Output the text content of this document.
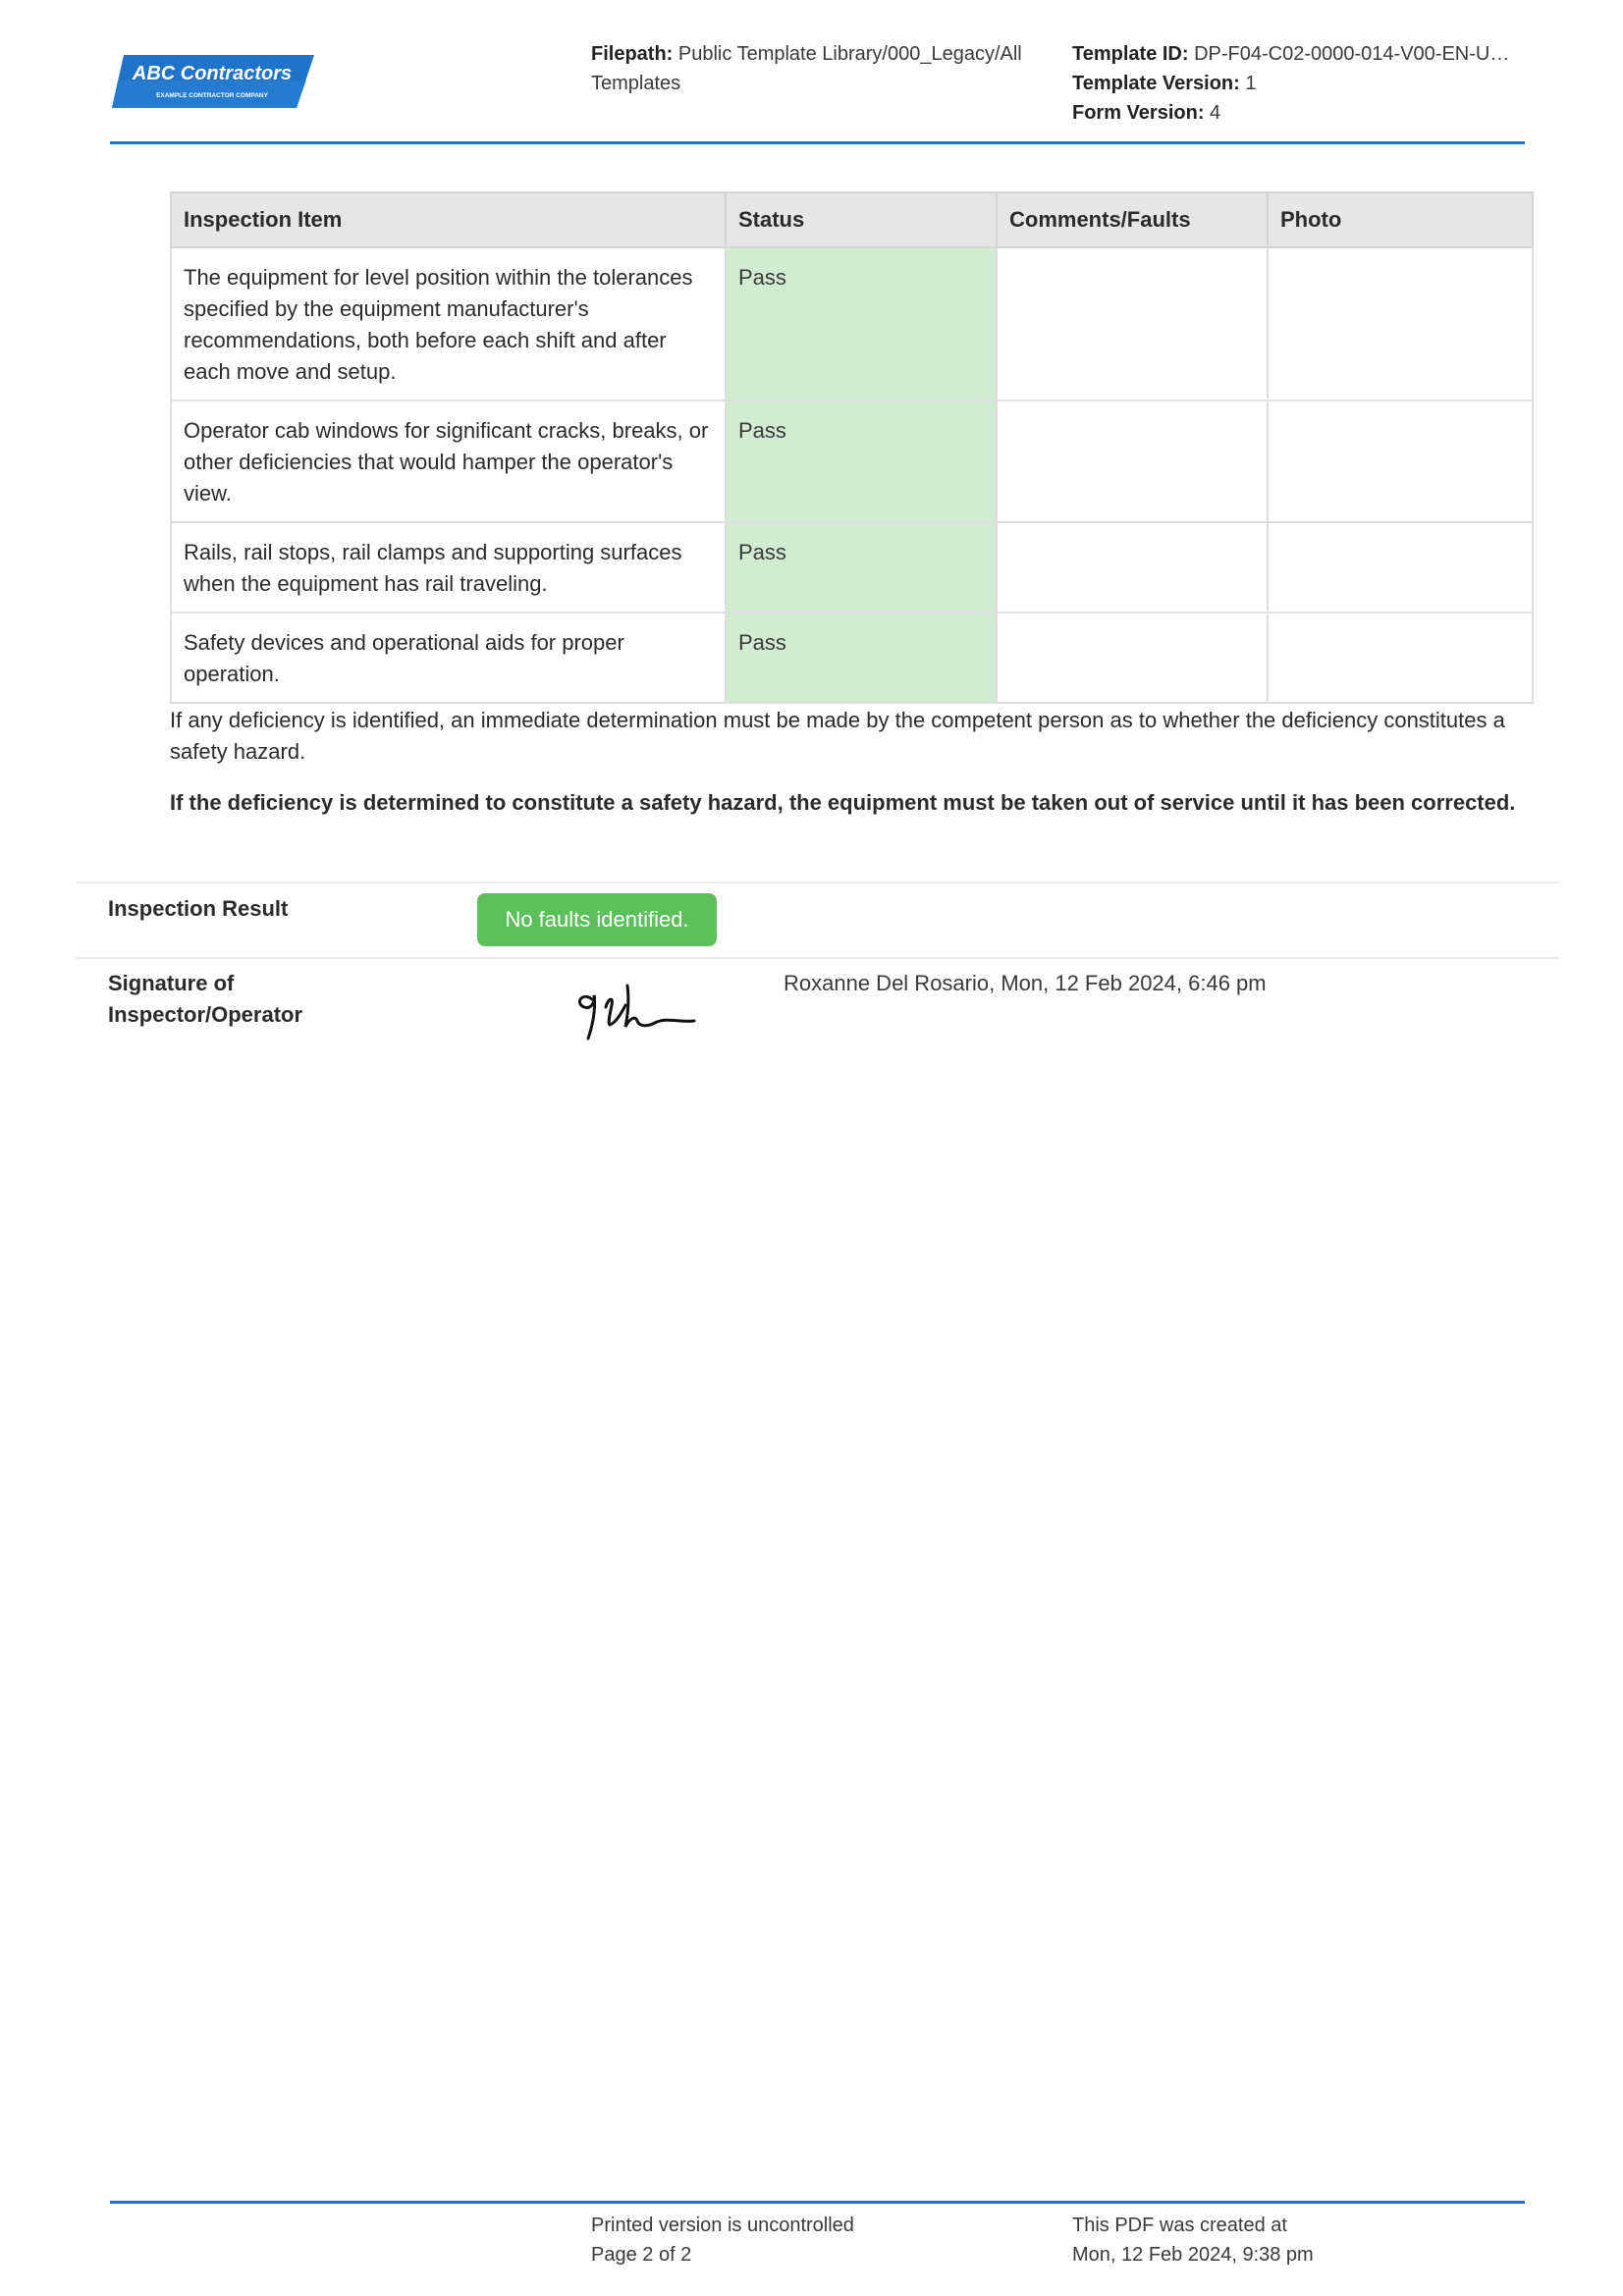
ABC Contractors
EXAMPLE CONTRACTOR COMPANY
Filepath: Public Template Library/000_Legacy/All Templates
Template ID: DP-F04-C02-0000-014-V00-EN-U…
Template Version: 1
Form Version: 4
Inspection Item	Status	Comments/Faults	Photo
The equipment for level position within the tolerances specified by the equipment manufacturer's recommendations, both before each shift and after each move and setup.	Pass		
Operator cab windows for significant cracks, breaks, or other deficiencies that would hamper the operator's view.	Pass		
Rails, rail stops, rail clamps and supporting surfaces when the equipment has rail traveling.	Pass		
Safety devices and operational aids for proper operation.	Pass		

If any deficiency is identified, an immediate determination must be made by the competent person as to whether the deficiency constitutes a safety hazard.

If the deficiency is determined to constitute a safety hazard, the equipment must be taken out of service until it has been corrected.

Inspection Result	No faults identified.
Signature of Inspector/Operator
Roxanne Del Rosario, Mon, 12 Feb 2024, 6:46 pm
Printed version is uncontrolled
Page 2 of 2
This PDF was created at
Mon, 12 Feb 2024, 9:38 pm
